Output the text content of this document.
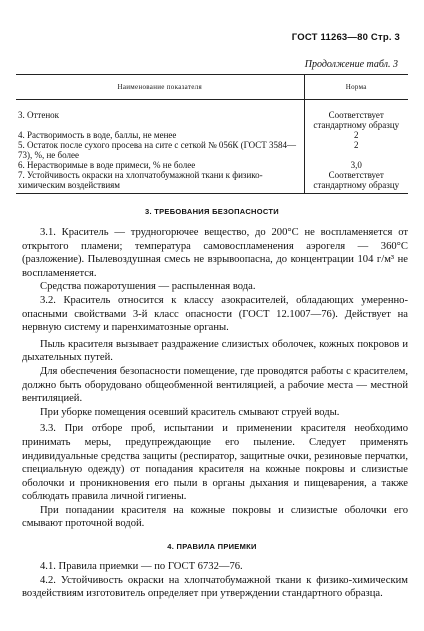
ГОСТ 11263—80 Стр. 3
Продолжение табл. 3
Наименование показателя	Норма
3. Оттенок	Соответствует стандартному образцу
4. Растворимость в воде, баллы, не менее	2
5. Остаток после сухого просева на сите с сеткой № 056К (ГОСТ 3584—73), %, не более	2
6. Нерастворимые в воде примеси, % не более	3,0
7. Устойчивость окраски на хлопчатобумажной ткани к физико-химическим воздействиям	Соответствует стандартному образцу
3. ТРЕБОВАНИЯ БЕЗОПАСНОСТИ

3.1. Краситель — трудногорючее вещество, до 200°С не воспламеняется от открытого пламени; температура самовоспламенения аэрогеля — 360°С (разложение). Пылевоздушная смесь не взрывоопасна, до концентрации 104 г/м³ не воспламеняется.

Средства пожаротушения — распыленная вода.

3.2. Краситель относится к классу азокрасителей, обладающих умеренно-опасными свойствами 3-й класс опасности (ГОСТ 12.1007—76). Действует на нервную систему и паренхиматозные органы.

Пыль красителя вызывает раздражение слизистых оболочек, кожных покровов и дыхательных путей.

Для обеспечения безопасности помещение, где проводятся работы с красителем, должно быть оборудовано общеобменной вентиляцией, а рабочие места — местной вентиляцией.

При уборке помещения осевший краситель смывают струей воды.

3.3. При отборе проб, испытании и применении красителя необходимо принимать меры, предупреждающие его пыление. Следует применять индивидуальные средства защиты (респиратор, защитные очки, резиновые перчатки, специальную одежду) от попадания красителя на кожные покровы и слизистые оболочки и проникновения его пыли в органы дыхания и пищеварения, а также соблюдать правила личной гигиены.

При попадании красителя на кожные покровы и слизистые оболочки его смывают проточной водой.

4. ПРАВИЛА ПРИЕМКИ

4.1. Правила приемки — по ГОСТ 6732—76.

4.2. Устойчивость окраски на хлопчатобумажной ткани к физико-химическим воздействиям изготовитель определяет при утверждении стандартного образца.
